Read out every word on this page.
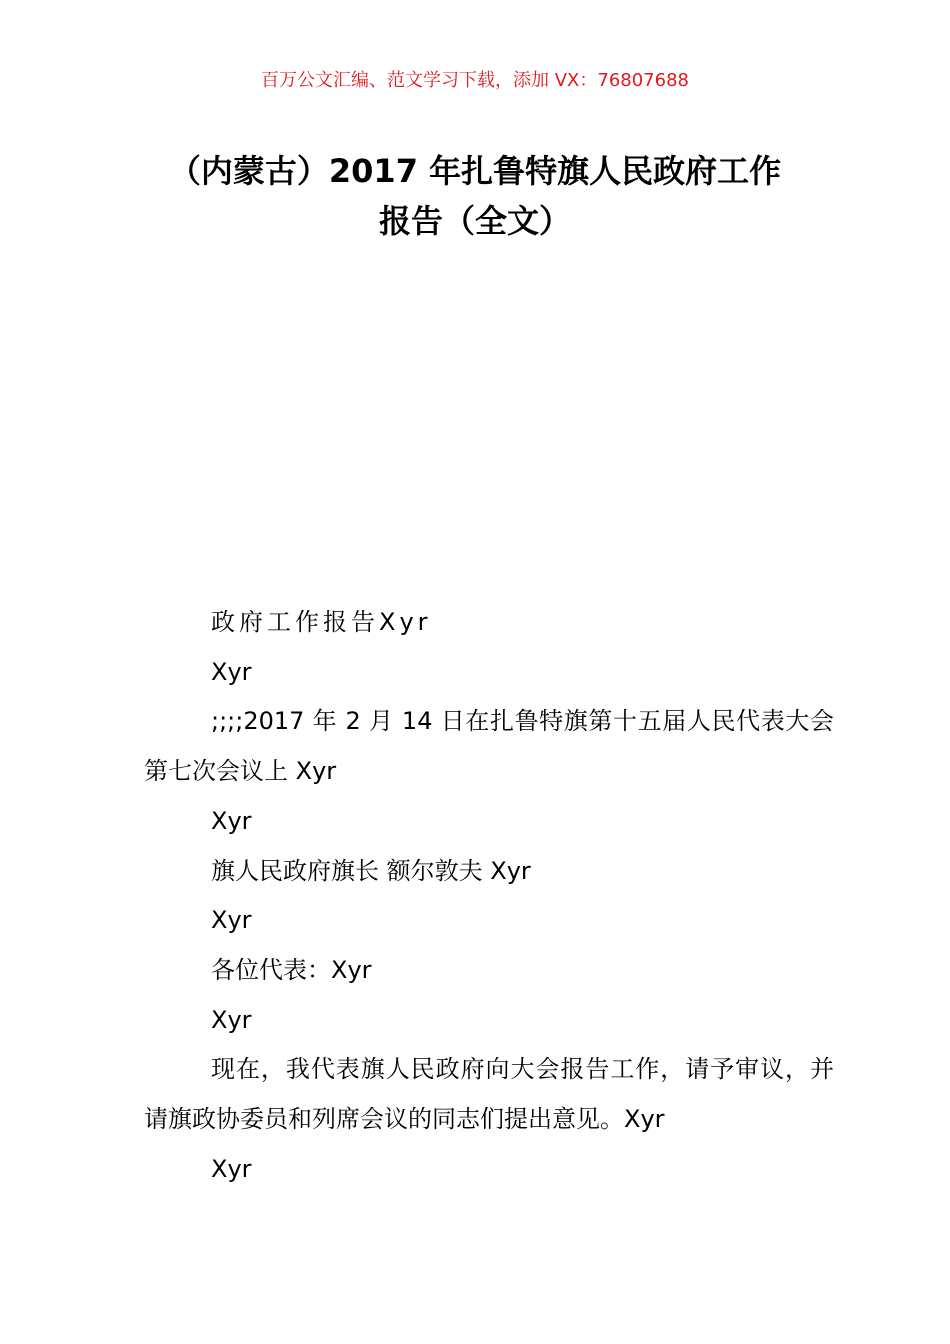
百万公文汇编、范文学习下载，添加 VX：76807688
（内蒙古）2017 年扎鲁特旗人民政府工作
报告（全文）

政府工作报告Xyr

Xyr

;;;;2017 年 2 月 14 日在扎鲁特旗第十五届人民代表大会第七次会议上 Xyr

Xyr

旗人民政府旗长 额尔敦夫 Xyr

Xyr

各位代表：Xyr

Xyr

现在，我代表旗人民政府向大会报告工作，请予审议，并请旗政协委员和列席会议的同志们提出意见。Xyr

Xyr
